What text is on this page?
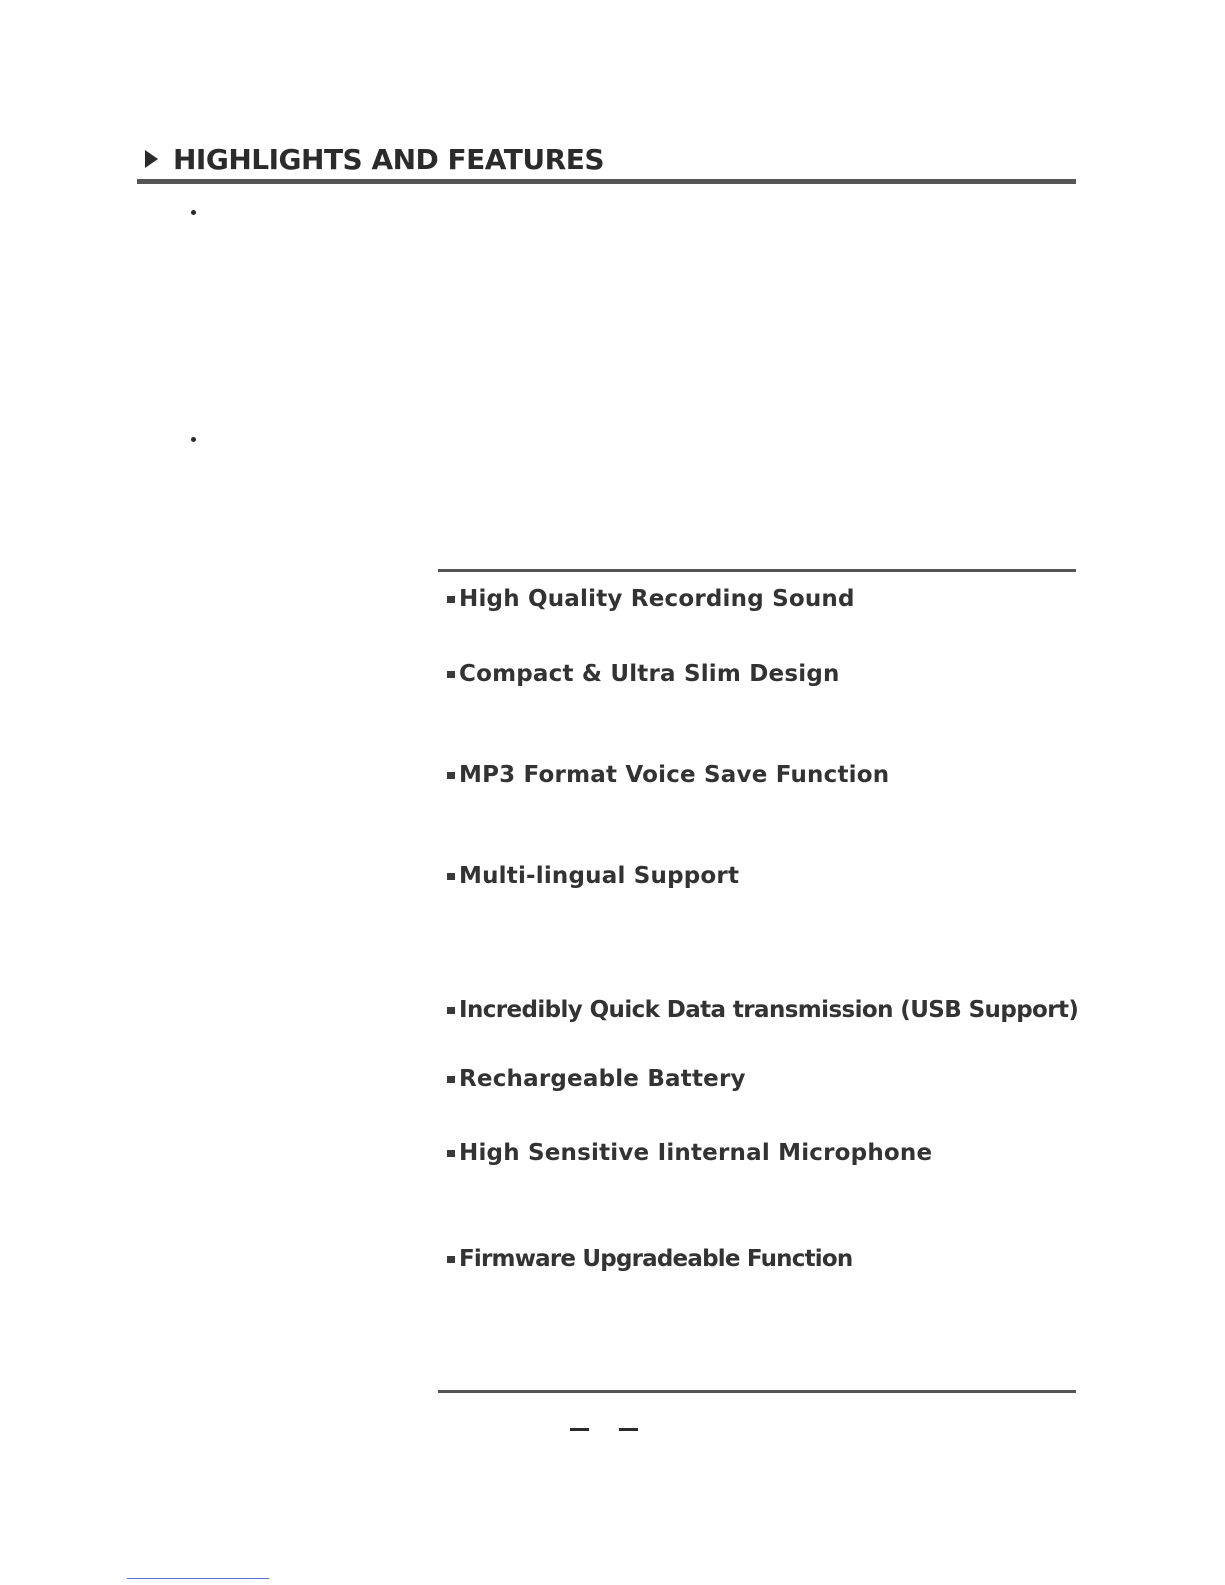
HIGHLIGHTS AND FEATURES
High Quality Recording Sound
Compact & Ultra Slim Design
MP3 Format Voice Save Function
Multi-lingual Support
Incredibly Quick Data transmission (USB Support)
Rechargeable Battery
High Sensitive Iinternal Microphone
Firmware Upgradeable Function
